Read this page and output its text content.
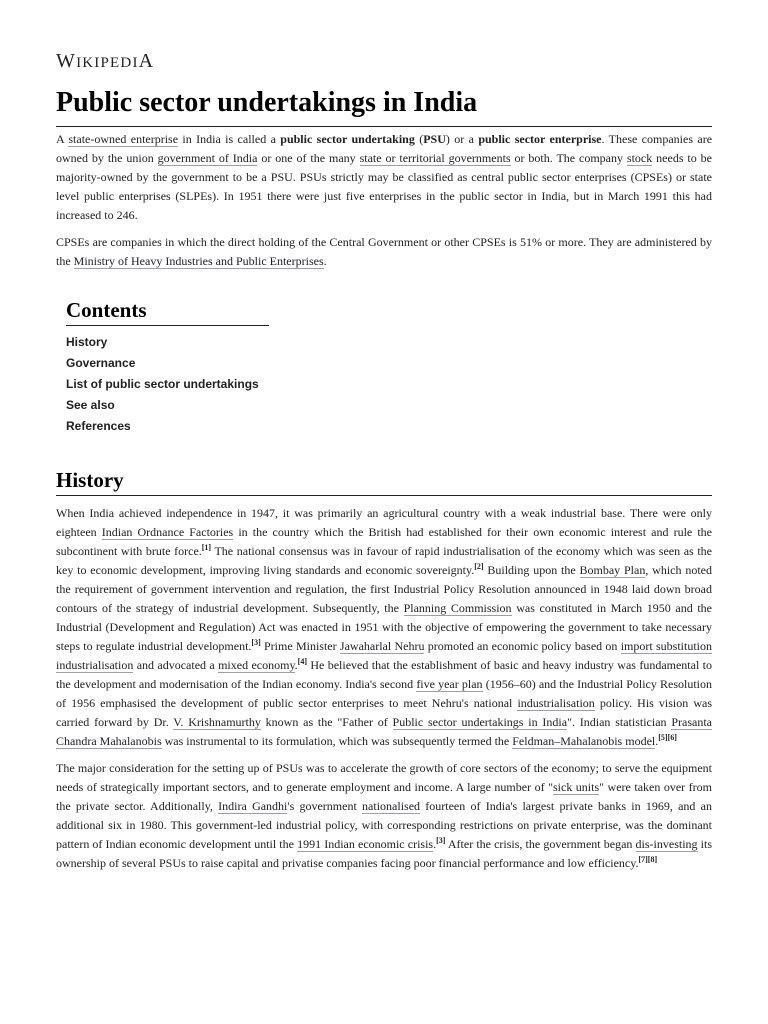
WIKIPEDIA
Public sector undertakings in India

A state-owned enterprise in India is called a public sector undertaking (PSU) or a public sector enterprise. These companies are owned by the union government of India or one of the many state or territorial governments or both. The company stock needs to be majority-owned by the government to be a PSU. PSUs strictly may be classified as central public sector enterprises (CPSEs) or state level public enterprises (SLPEs). In 1951 there were just five enterprises in the public sector in India, but in March 1991 this had increased to 246.

CPSEs are companies in which the direct holding of the Central Government or other CPSEs is 51% or more. They are administered by the Ministry of Heavy Industries and Public Enterprises.

Contents
History
Governance
List of public sector undertakings
See also
References
History

When India achieved independence in 1947, it was primarily an agricultural country with a weak industrial base. There were only eighteen Indian Ordnance Factories in the country which the British had established for their own economic interest and rule the subcontinent with brute force.[1] The national consensus was in favour of rapid industrialisation of the economy which was seen as the key to economic development, improving living standards and economic sovereignty.[2] Building upon the Bombay Plan, which noted the requirement of government intervention and regulation, the first Industrial Policy Resolution announced in 1948 laid down broad contours of the strategy of industrial development. Subsequently, the Planning Commission was constituted in March 1950 and the Industrial (Development and Regulation) Act was enacted in 1951 with the objective of empowering the government to take necessary steps to regulate industrial development.[3] Prime Minister Jawaharlal Nehru promoted an economic policy based on import substitution industrialisation and advocated a mixed economy.[4] He believed that the establishment of basic and heavy industry was fundamental to the development and modernisation of the Indian economy. India's second five year plan (1956–60) and the Industrial Policy Resolution of 1956 emphasised the development of public sector enterprises to meet Nehru's national industrialisation policy. His vision was carried forward by Dr. V. Krishnamurthy known as the "Father of Public sector undertakings in India". Indian statistician Prasanta Chandra Mahalanobis was instrumental to its formulation, which was subsequently termed the Feldman–Mahalanobis model.[5][6]

The major consideration for the setting up of PSUs was to accelerate the growth of core sectors of the economy; to serve the equipment needs of strategically important sectors, and to generate employment and income. A large number of "sick units" were taken over from the private sector. Additionally, Indira Gandhi's government nationalised fourteen of India's largest private banks in 1969, and an additional six in 1980. This government-led industrial policy, with corresponding restrictions on private enterprise, was the dominant pattern of Indian economic development until the 1991 Indian economic crisis.[3] After the crisis, the government began dis-investing its ownership of several PSUs to raise capital and privatise companies facing poor financial performance and low efficiency.[7][8]
